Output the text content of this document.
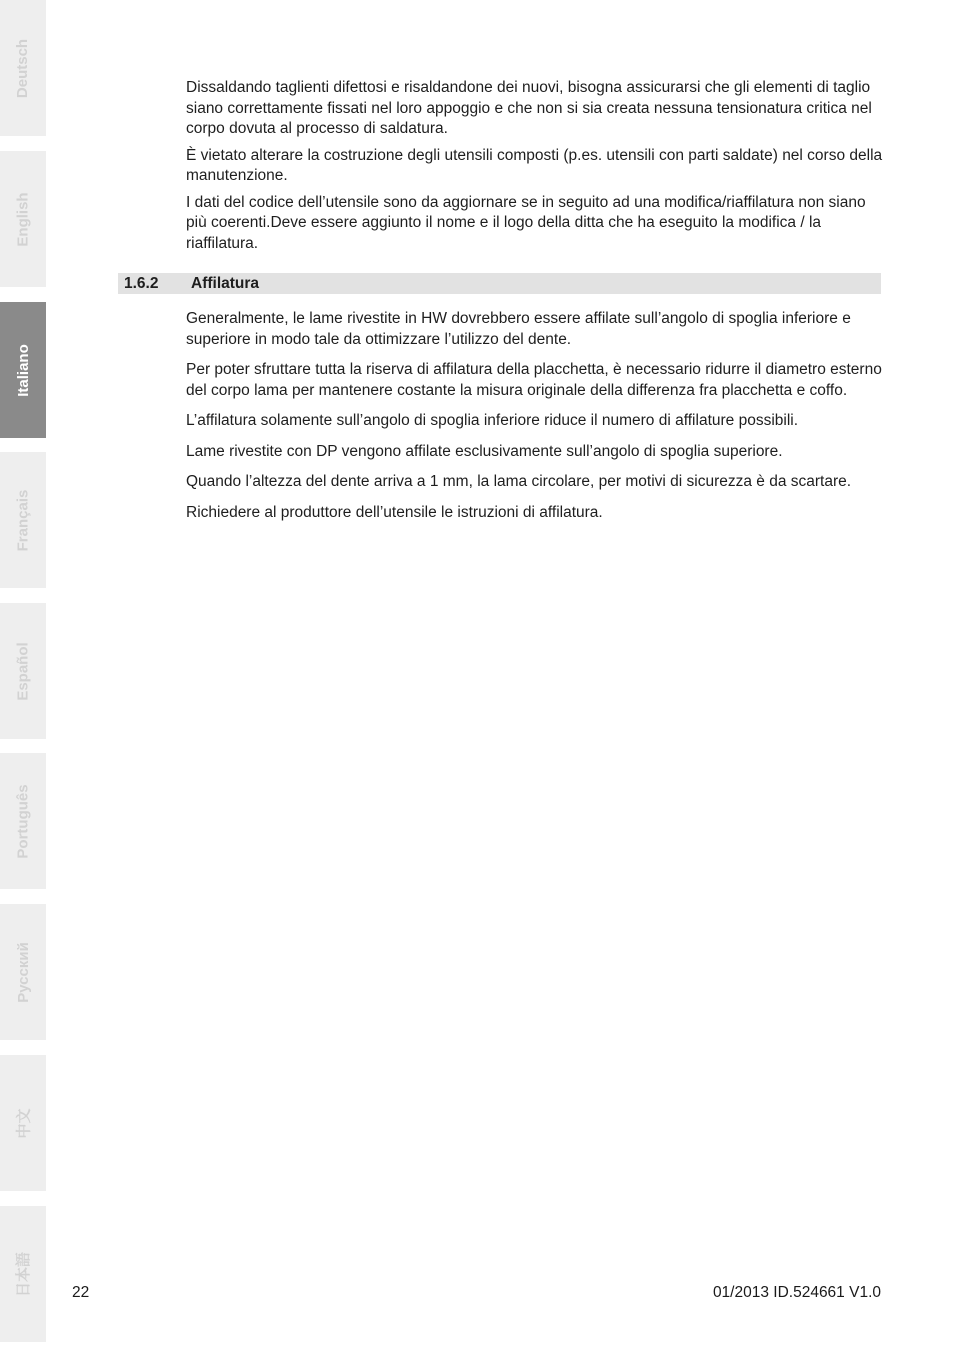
Deutsch
English
Italiano
Français
Español
Português
Русский
中文
日本語

Dissaldando taglienti difettosi e risaldandone dei nuovi, bisogna assicurarsi che gli elementi di taglio siano correttamente fissati nel loro appoggio e che non si sia creata nessuna tensionatura critica nel corpo dovuta al processo di saldatura.

È vietato alterare la costruzione degli utensili composti (p.es. utensili con parti saldate) nel corso della manutenzione.

I dati del codice dell’utensile sono da aggiornare se in seguito ad una modifica/riaffilatura non siano più coerenti.Deve essere aggiunto il nome e il logo della ditta che ha eseguito la modifica / la riaffilatura.

1.6.2	Affilatura

Generalmente, le lame rivestite in HW dovrebbero essere affilate sull’angolo di spoglia inferiore e superiore in modo tale da ottimizzare l’utilizzo del dente.

Per poter sfruttare tutta la riserva di affilatura della placchetta, è necessario ridurre il diametro esterno del corpo lama per mantenere costante la misura originale della differenza fra placchetta e coffo.

L’affilatura solamente sull’angolo di spoglia inferiore riduce il numero di affilature possibili.

Lame rivestite con DP vengono affilate esclusivamente sull’angolo di spoglia superiore.

Quando l’altezza del dente arriva a 1 mm, la lama circolare, per motivi di sicurezza è da scartare.

Richiedere al produttore dell’utensile le istruzioni di affilatura.

22	01/2013 ID.524661 V1.0
